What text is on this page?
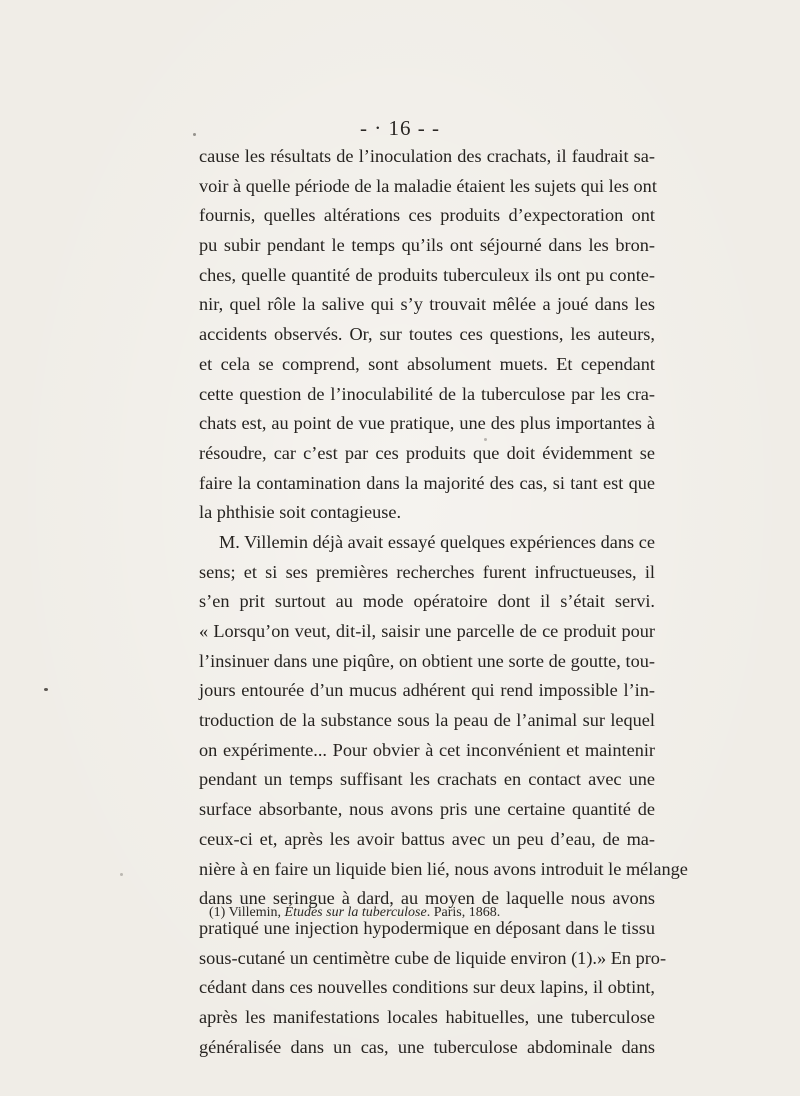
- · 16 - -
cause les résultats de l’inoculation des crachats, il faudrait sa-
voir à quelle période de la maladie étaient les sujets qui les ont
fournis, quelles altérations ces produits d’expectoration ont
pu subir pendant le temps qu’ils ont séjourné dans les bron-
ches, quelle quantité de produits tuberculeux ils ont pu conte-
nir, quel rôle la salive qui s’y trouvait mêlée a joué dans les
accidents observés. Or, sur toutes ces questions, les auteurs,
et cela se comprend, sont absolument muets. Et cependant
cette question de l’inoculabilité de la tuberculose par les cra-
chats est, au point de vue pratique, une des plus importantes à
résoudre, car c’est par ces produits que doit évidemment se
faire la contamination dans la majorité des cas, si tant est que
la phthisie soit contagieuse.
M. Villemin déjà avait essayé quelques expériences dans ce
sens; et si ses premières recherches furent infructueuses, il
s’en prit surtout au mode opératoire dont il s’était servi.
« Lorsqu’on veut, dit-il, saisir une parcelle de ce produit pour
l’insinuer dans une piqûre, on obtient une sorte de goutte, tou-
jours entourée d’un mucus adhérent qui rend impossible l’in-
troduction de la substance sous la peau de l’animal sur lequel
on expérimente... Pour obvier à cet inconvénient et maintenir
pendant un temps suffisant les crachats en contact avec une
surface absorbante, nous avons pris une certaine quantité de
ceux-ci et, après les avoir battus avec un peu d’eau, de ma-
nière à en faire un liquide bien lié, nous avons introduit le mélange
dans une seringue à dard, au moyen de laquelle nous avons
pratiqué une injection hypodermique en déposant dans le tissu
sous-cutané un centimètre cube de liquide environ (1).» En pro-
cédant dans ces nouvelles conditions sur deux lapins, il obtint,
après les manifestations locales habituelles, une tuberculose
généralisée dans un cas, une tuberculose abdominale dans
(1) Villemin, Études sur la tuberculose. Paris, 1868.
